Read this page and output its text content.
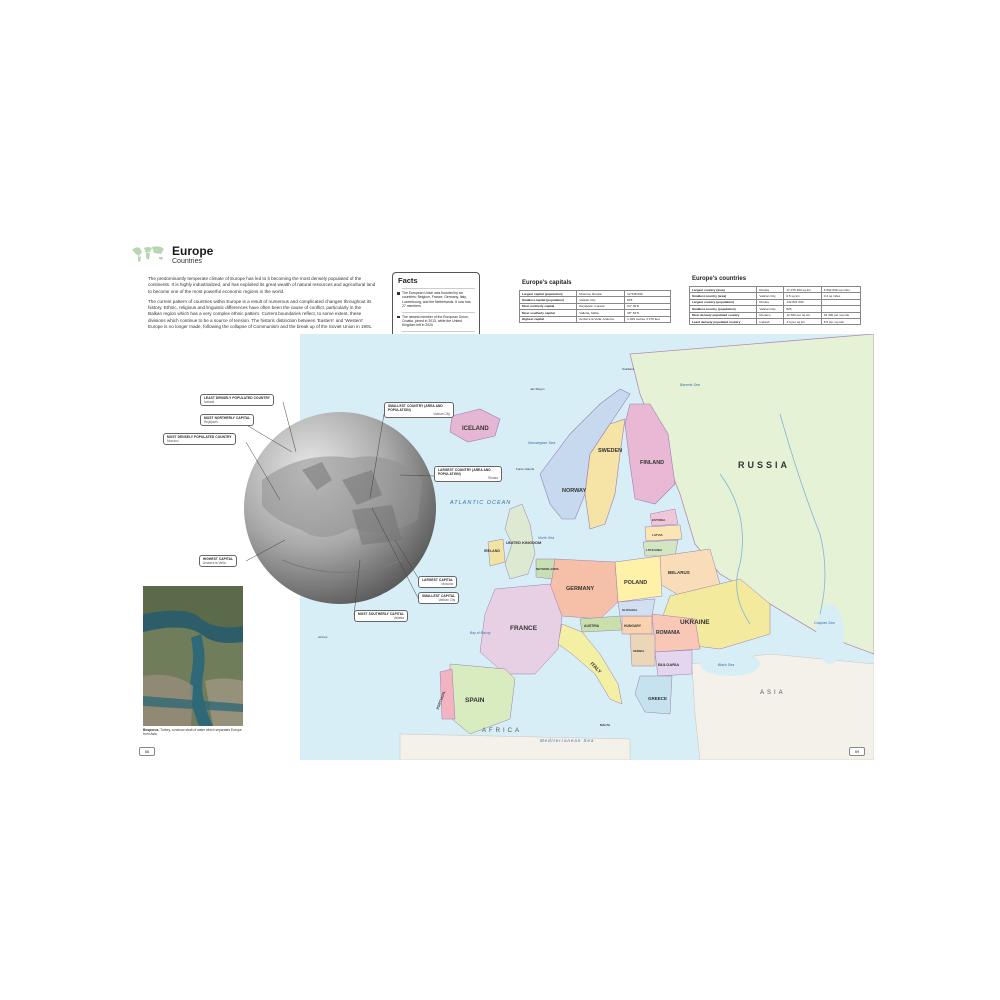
Europe
Countries

The predominantly temperate climate of Europe has led to it becoming the most densely populated of the continents. It is highly industrialized, and has exploited its great wealth of natural resources and agricultural land to become one of the most powerful economic regions in the world.

The current pattern of countries within Europe is a result of numerous and complicated changes throughout its history. Ethnic, religious and linguistic differences have often been the cause of conflict, particularly in the Balkan region which has a very complex ethnic pattern. Current boundaries reflect, to some extent, these divisions which continue to be a source of tension. The historic distinction between 'Eastern' and 'Western' Europe is no longer made, following the collapse of Communism and the break up of the Soviet Union in 1991.

Facts
The European Union was founded by six countries: Belgium, France, Germany, Italy, Luxembourg, and the Netherlands. It now has 27 members
The newest member of the European Union, Croatia, joined in 2013, while the United Kingdom left in 2020
RUSSIA
ICELAND
SWEDEN
FINLAND
NORWAY
UNITED KINGDOM
IRELAND
NETHERLANDS
GERMANY
POLAND
BELARUS
UKRAINE
FRANCE
SPAIN
PORTUGAL
ITALY
ROMANIA
BULGARIA
GREECE
AUSTRIA	HUNGARY
ESTONIA
LATVIA
LITHUANIA
SLOVAKIA
SERBIA
MALTA
ATLANTIC OCEAN
Norwegian Sea
North Sea
Bay of Biscay
Black Sea
Caspian Sea
Mediterranean Sea
Barents Sea
ASIA
AFRICA
Faroe Islands
Jan Mayen
Azores
Svalbard
Europe's capitals
Largest capital (population)	Moscow, Russia	12 538 000
Smallest capital (population)	Vatican City	825
Most northerly capital	Reykjavík, Iceland	64° 39'N
Most southerly capital	Valletta, Malta	35° 54'N
Highest capital	Andorra la Vella, Andorra	1 029 metres 3 376 feet
Europe's countries
Largest country (area)	Russia	17 075 400 sq km	6 592 849 sq miles
Smallest country (area)	Vatican City	0.5 sq km	0.2 sq miles
Largest country (population)	Russia	142 821 000	
Smallest country (population)	Vatican City	825	
Most densely populated country	Monaco	12 300 per sq km	32 300 per sq mile
Least densely populated country	Iceland	3.3 per sq km	8.5 per sq mile
LEAST DENSELY POPULATED COUNTRY
Iceland
MOST NORTHERLY CAPITAL
Reykjavík
MOST DENSELY POPULATED COUNTRY
Monaco
SMALLEST COUNTRY (AREA AND POPULATION)
Vatican City
LARGEST COUNTRY (AREA AND POPULATION)
Russia
HIGHEST CAPITAL
Andorra la Vella
LARGEST CAPITAL
Moscow
SMALLEST CAPITAL
Vatican City
MOST SOUTHERLY CAPITAL
Valletta
Bosporus, Turkey, a narrow strait of water which separates Europe from Asia
58	59
